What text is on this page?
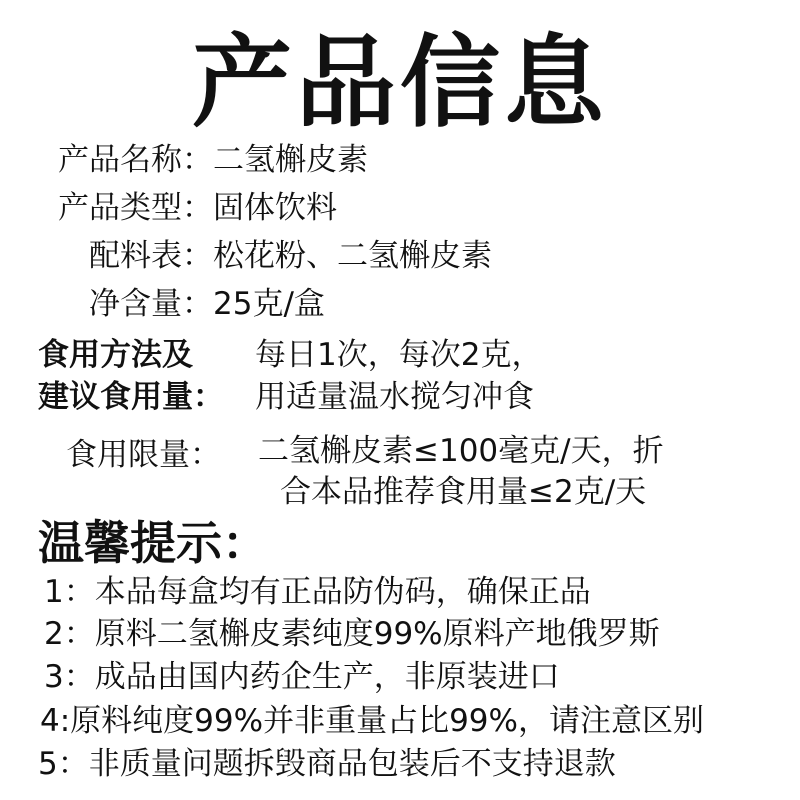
产品信息
产品名称：二氢槲皮素
产品类型：固体饮料
配料表：松花粉、二氢槲皮素
净含量：25克/盒
食用方法及
建议食用量：
每日1次，每次2克，
用适量温水搅匀冲食
食用限量： 二氢槲皮素≤100毫克/天，折
合本品推荐食用量≤2克/天
温馨提示：
1：本品每盒均有正品防伪码，确保正品
2：原料二氢槲皮素纯度99%原料产地俄罗斯
3：成品由国内药企生产，非原装进口
4:原料纯度99%并非重量占比99%，请注意区别
5：非质量问题拆毁商品包装后不支持退款
